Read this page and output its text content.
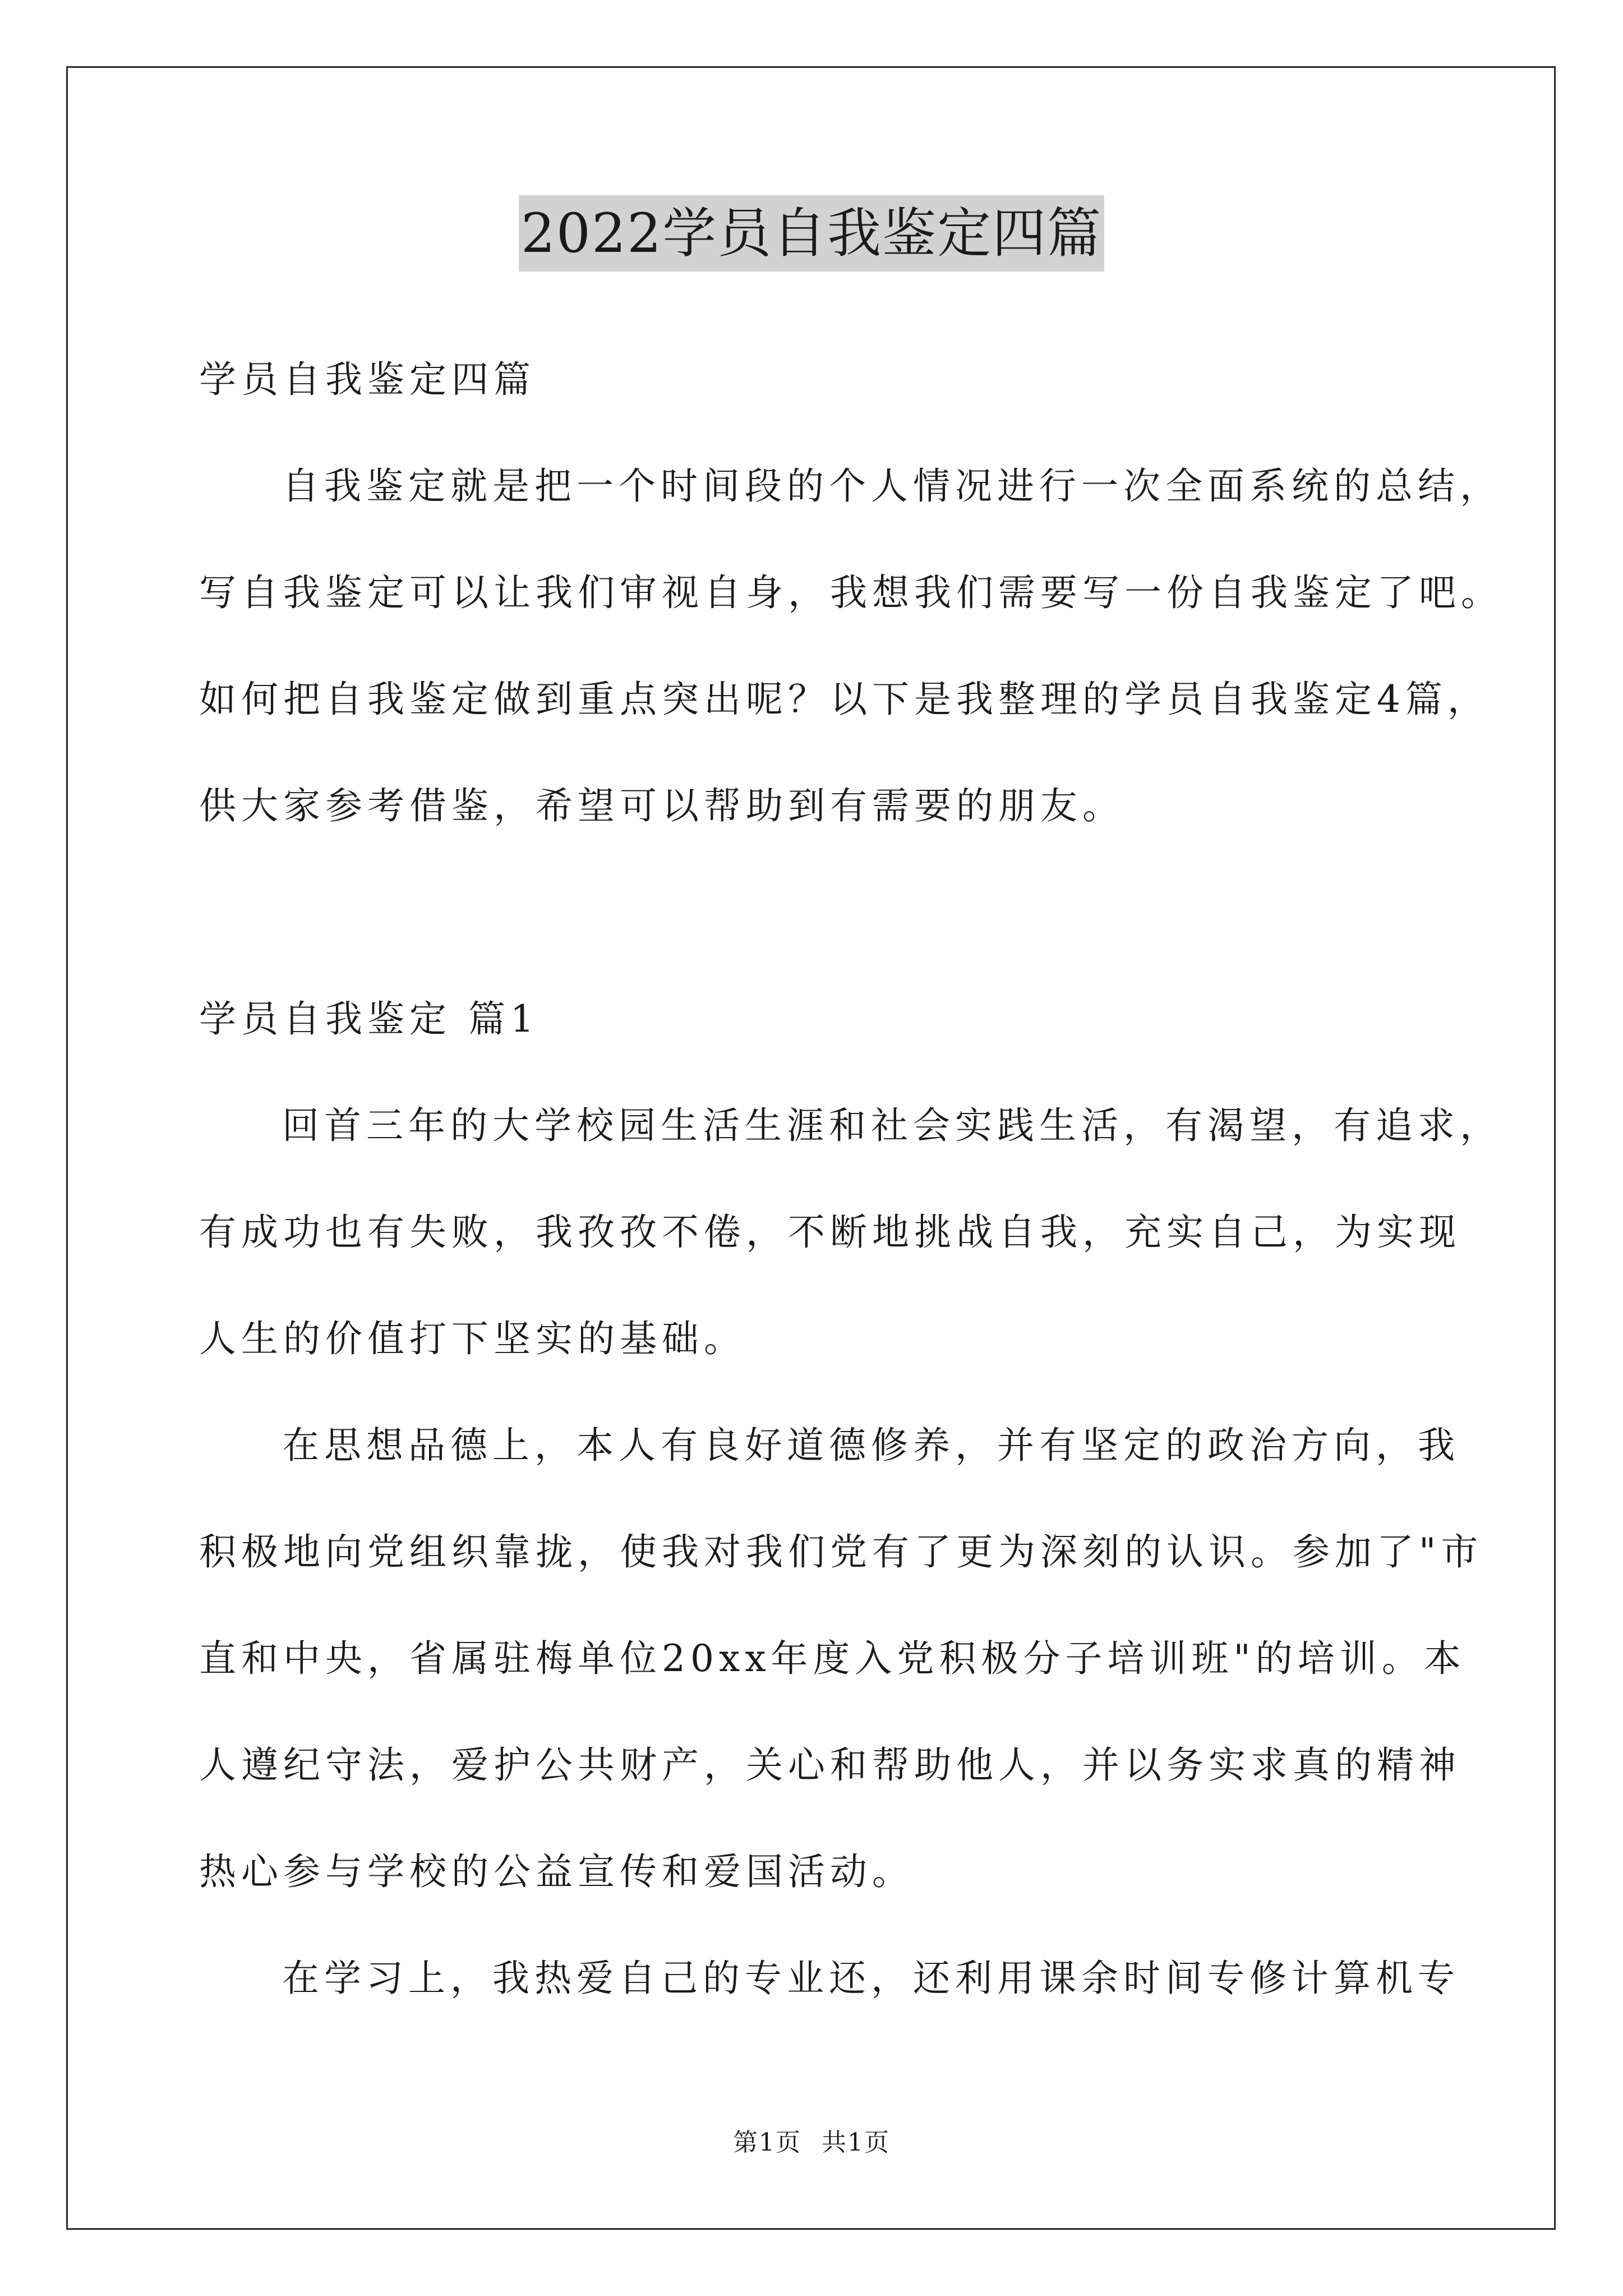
2022学员自我鉴定四篇
学员自我鉴定四篇
自我鉴定就是把一个时间段的个人情况进行一次全面系统的总结，
写自我鉴定可以让我们审视自身，我想我们需要写一份自我鉴定了吧。
如何把自我鉴定做到重点突出呢？以下是我整理的学员自我鉴定4篇，
供大家参考借鉴，希望可以帮助到有需要的朋友。
学员自我鉴定 篇1
回首三年的大学校园生活生涯和社会实践生活，有渴望，有追求，
有成功也有失败，我孜孜不倦，不断地挑战自我，充实自己，为实现
人生的价值打下坚实的基础。
在思想品德上，本人有良好道德修养，并有坚定的政治方向，我
积极地向党组织靠拢，使我对我们党有了更为深刻的认识。参加了"市
直和中央，省属驻梅单位20xx年度入党积极分子培训班"的培训。本
人遵纪守法，爱护公共财产，关心和帮助他人，并以务实求真的精神
热心参与学校的公益宣传和爱国活动。
在学习上，我热爱自己的专业还，还利用课余时间专修计算机专
第1页 共1页
